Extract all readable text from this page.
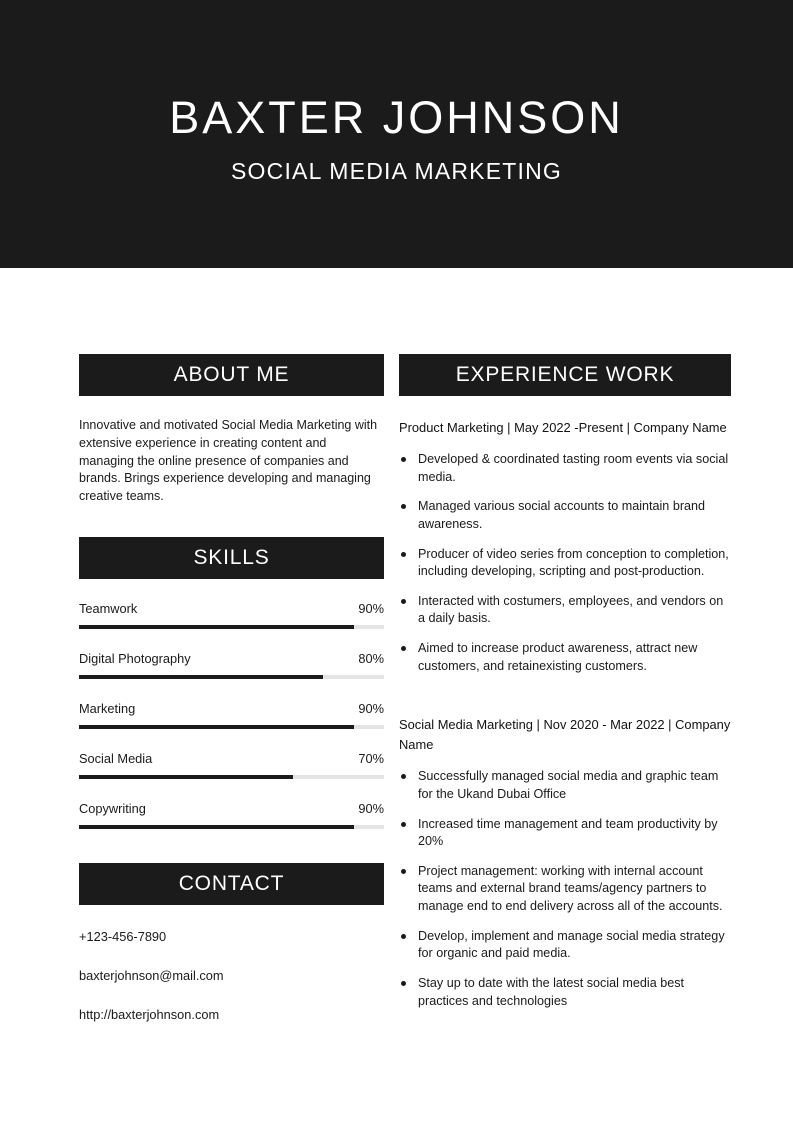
BAXTER JOHNSON
SOCIAL MEDIA MARKETING
ABOUT ME
Innovative and motivated Social Media Marketing with extensive experience in creating content and managing the online presence of companies and brands. Brings experience developing and managing creative teams.
SKILLS
Teamwork	90%
Digital Photography	80%
Marketing	90%
Social Media	70%
Copywriting	90%
CONTACT
+123-456-7890
baxterjohnson@mail.com
http://baxterjohnson.com
EXPERIENCE WORK
Product Marketing | May 2022 -Present | Company Name
Developed & coordinated tasting room events via social media.
Managed various social accounts to maintain brand awareness.
Producer of video series from conception to completion, including developing, scripting and post-production.
Interacted with costumers, employees, and vendors on a daily basis.
Aimed to increase product awareness, attract new customers, and retainexisting customers.
Social Media Marketing | Nov 2020 - Mar 2022 | Company Name
Successfully managed social media and graphic team for the Ukand Dubai Office
Increased time management and team productivity by 20%
Project management: working with internal account teams and external brand teams/agency partners to manage end to end delivery across all of the accounts.
Develop, implement and manage social media strategy for organic and paid media.
Stay up to date with the latest social media best practices and technologies
